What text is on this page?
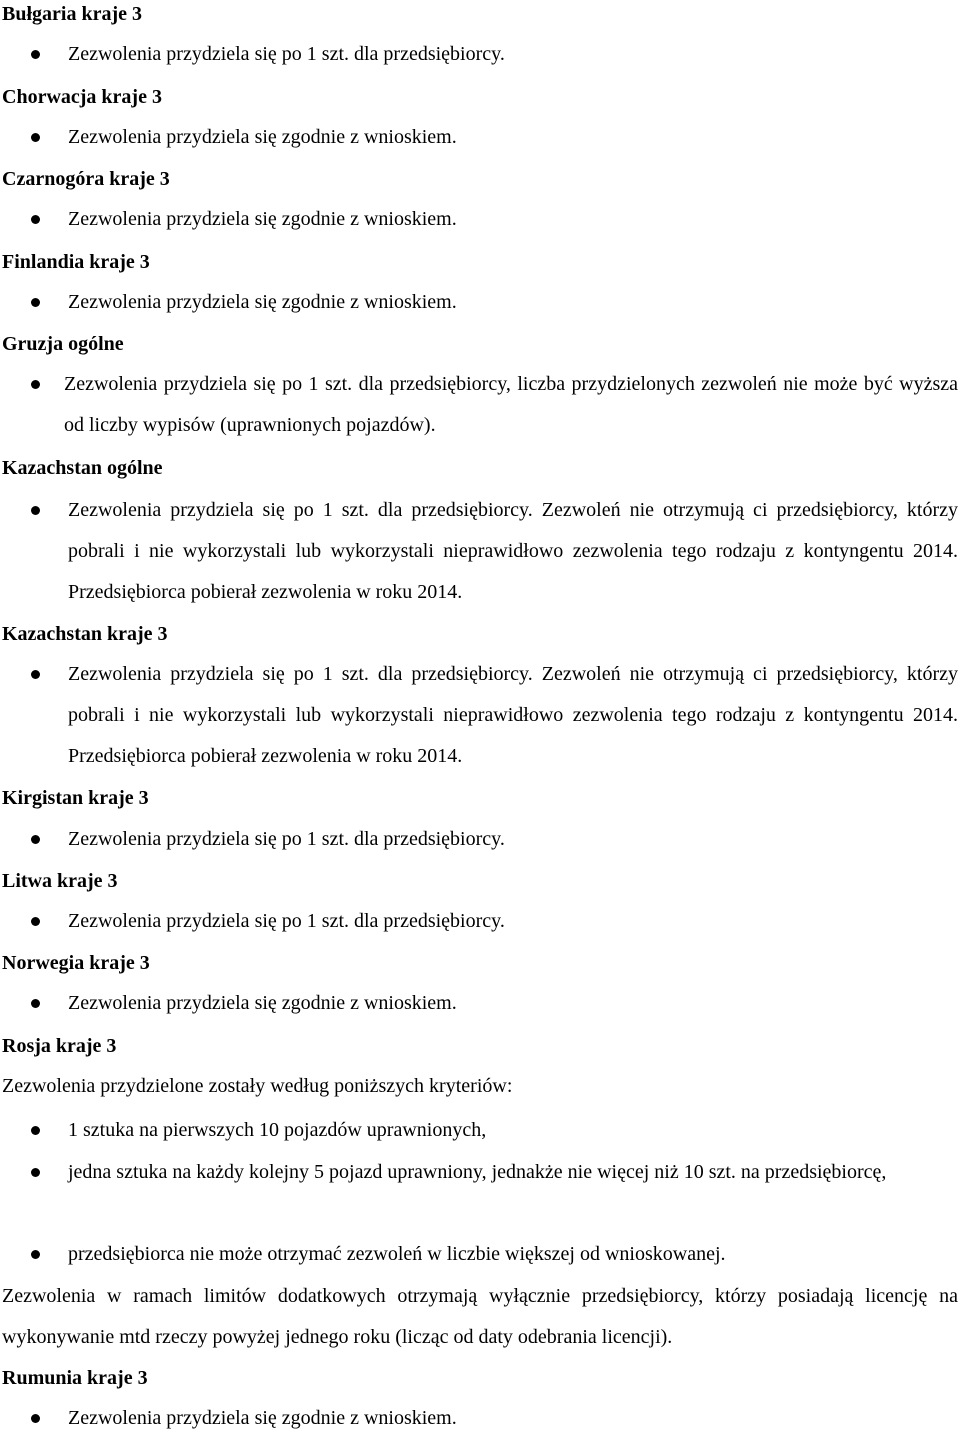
Bułgaria kraje 3
Zezwolenia przydziela się po 1 szt. dla przedsiębiorcy.
Chorwacja kraje 3
Zezwolenia przydziela się zgodnie z wnioskiem.
Czarnogóra kraje 3
Zezwolenia przydziela się zgodnie z wnioskiem.
Finlandia kraje 3
Zezwolenia przydziela się zgodnie z wnioskiem.
Gruzja ogólne
Zezwolenia przydziela się po 1 szt. dla przedsiębiorcy, liczba przydzielonych zezwoleń nie może być wyższa od liczby wypisów (uprawnionych pojazdów).
Kazachstan ogólne
Zezwolenia przydziela się po 1 szt. dla przedsiębiorcy. Zezwoleń nie otrzymują ci przedsiębiorcy, którzy pobrali i nie wykorzystali lub wykorzystali nieprawidłowo zezwolenia tego rodzaju z kontyngentu 2014. Przedsiębiorca pobierał zezwolenia w roku 2014.
Kazachstan kraje 3
Zezwolenia przydziela się po 1 szt. dla przedsiębiorcy. Zezwoleń nie otrzymują ci przedsiębiorcy, którzy pobrali i nie wykorzystali lub wykorzystali nieprawidłowo zezwolenia tego rodzaju z kontyngentu 2014. Przedsiębiorca pobierał zezwolenia w roku 2014.
Kirgistan kraje 3
Zezwolenia przydziela się po 1 szt. dla przedsiębiorcy.
Litwa kraje 3
Zezwolenia przydziela się po 1 szt. dla przedsiębiorcy.
Norwegia kraje 3
Zezwolenia przydziela się zgodnie z wnioskiem.
Rosja kraje 3
Zezwolenia przydzielone zostały według poniższych kryteriów:
1 sztuka na pierwszych 10 pojazdów uprawnionych,
jedna sztuka na każdy kolejny 5 pojazd uprawniony, jednakże nie więcej niż 10 szt. na przedsiębiorcę,
przedsiębiorca nie może otrzymać zezwoleń w liczbie większej od wnioskowanej.
Zezwolenia w ramach limitów dodatkowych otrzymają wyłącznie przedsiębiorcy, którzy posiadają licencję na wykonywanie mtd rzeczy powyżej jednego roku (licząc od daty odebrania licencji).
Rumunia kraje 3
Zezwolenia przydziela się zgodnie z wnioskiem.
